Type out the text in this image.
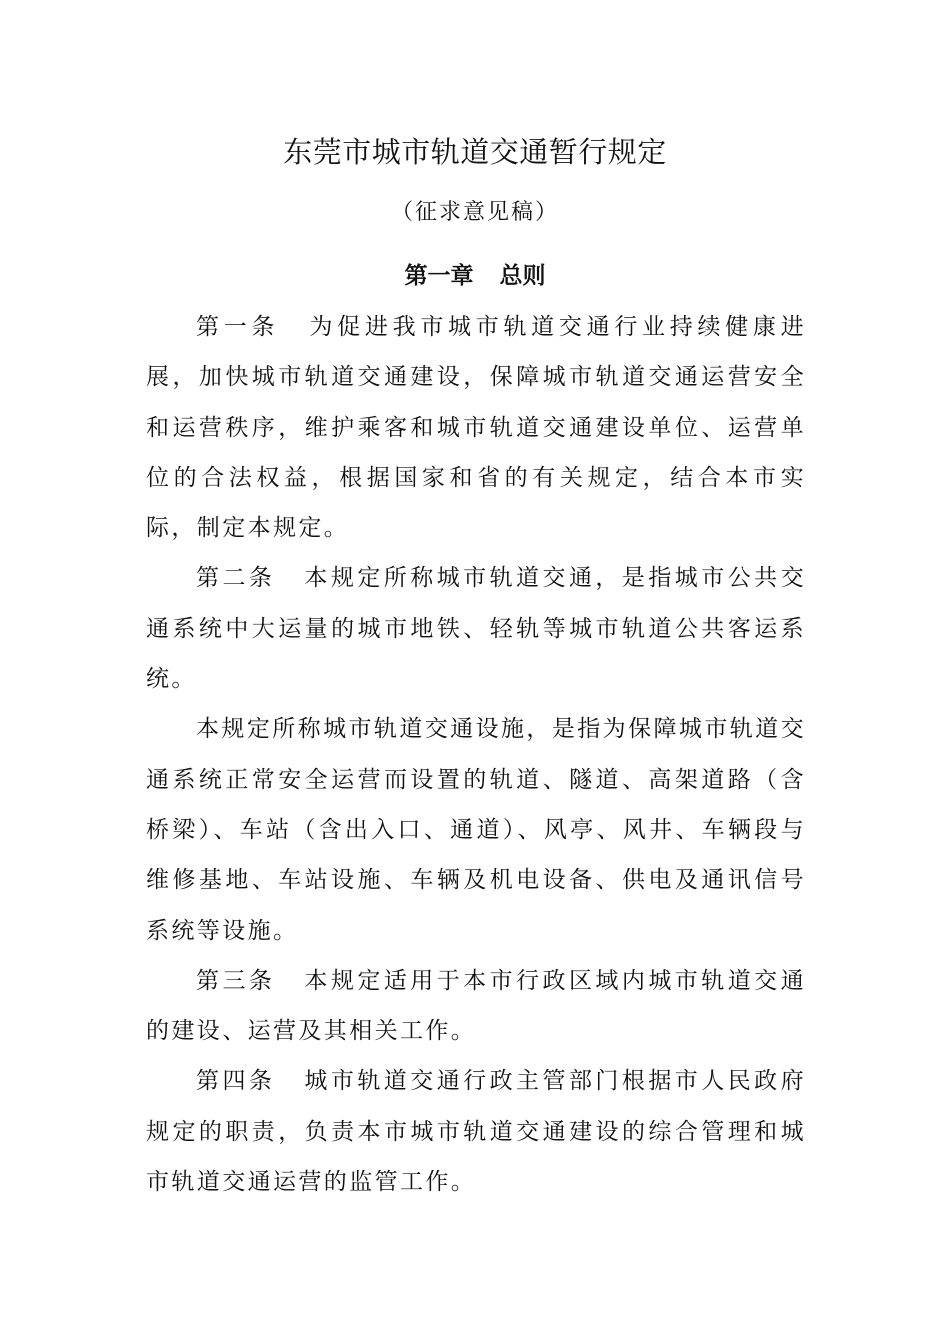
东莞市城市轨道交通暂行规定
（征求意见稿）
第一章 总则

第一条 为促进我市城市轨道交通行业持续健康进展，加快城市轨道交通建设，保障城市轨道交通运营安全和运营秩序，维护乘客和城市轨道交通建设单位、运营单位的合法权益，根据国家和省的有关规定，结合本市实际，制定本规定。

第二条 本规定所称城市轨道交通，是指城市公共交通系统中大运量的城市地铁、轻轨等城市轨道公共客运系统。

本规定所称城市轨道交通设施，是指为保障城市轨道交通系统正常安全运营而设置的轨道、隧道、高架道路（含桥梁）、车站（含出入口、通道）、风亭、风井、车辆段与维修基地、车站设施、车辆及机电设备、供电及通讯信号系统等设施。

第三条 本规定适用于本市行政区域内城市轨道交通的建设、运营及其相关工作。

第四条 城市轨道交通行政主管部门根据市人民政府规定的职责，负责本市城市轨道交通建设的综合管理和城市轨道交通运营的监管工作。
